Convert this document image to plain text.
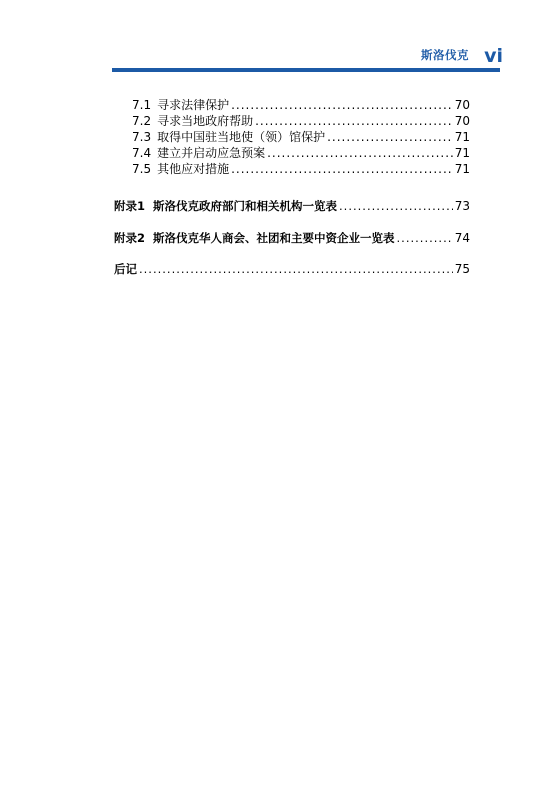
斯洛伐克 vi
7.1 寻求法律保护 .....	70
7.2 寻求当地政府帮助 .....	70
7.3 取得中国驻当地使（领）馆保护 .....	71
7.4 建立并启动应急预案 .....	71
7.5 其他应对措施 .....	71
附录1 斯洛伐克政府部门和相关机构一览表 .....	73
附录2 斯洛伐克华人商会、社团和主要中资企业一览表 .....	74
后记 .....	75
